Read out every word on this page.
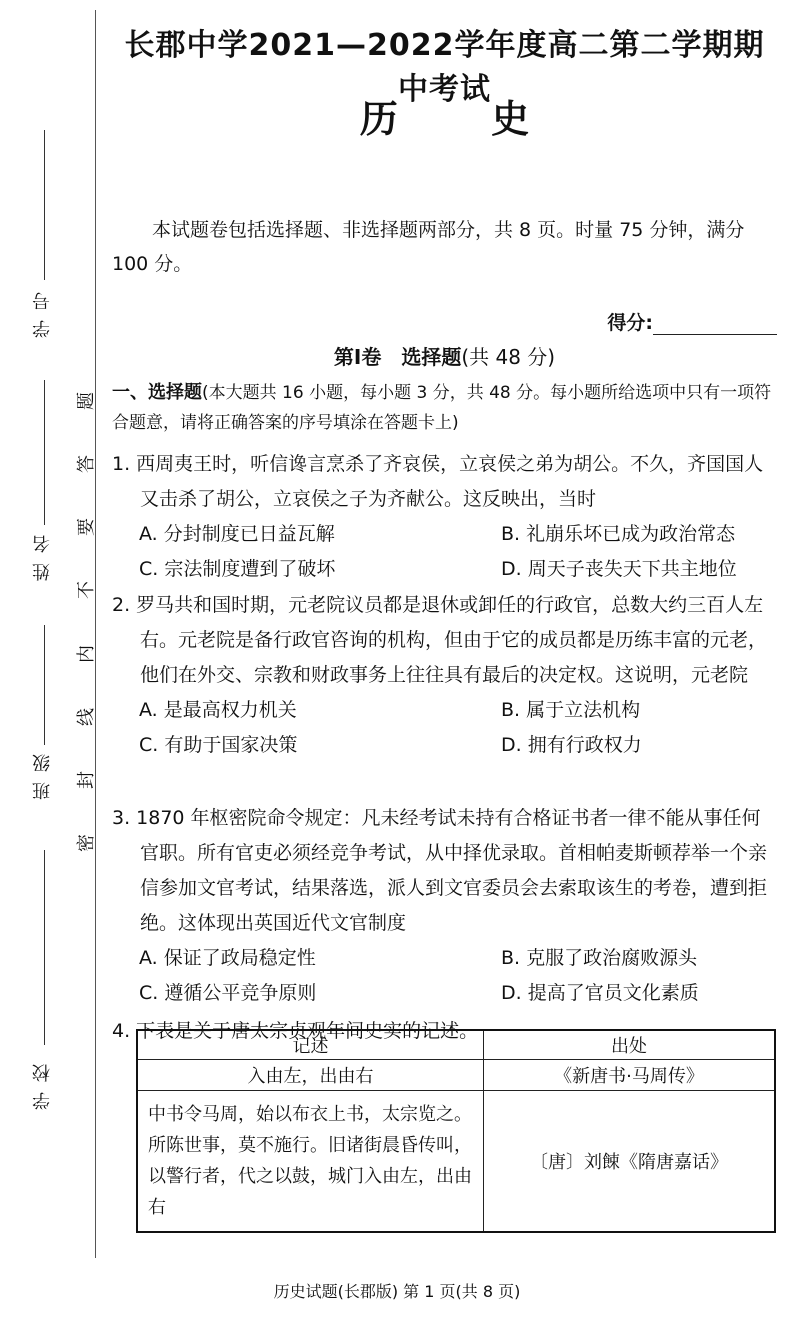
学 号
姓 名
班 级
学 校
密
封
线
内
不
要
答
题
长郡中学2021—2022学年度高二第二学期期中考试
历 史
本试题卷包括选择题、非选择题两部分，共 8 页。时量 75 分钟，满分 100 分。
得分:
第Ⅰ卷　选择题(共 48 分)
一、选择题(本大题共 16 小题，每小题 3 分，共 48 分。每小题所给选项中只有一项符合题意，请将正确答案的序号填涂在答题卡上)
1. 西周夷王时，听信谗言烹杀了齐哀侯，立哀侯之弟为胡公。不久，齐国国人又击杀了胡公，立哀侯之子为齐献公。这反映出，当时
A. 分封制度已日益瓦解	B. 礼崩乐坏已成为政治常态
C. 宗法制度遭到了破坏	D. 周天子丧失天下共主地位
2. 罗马共和国时期，元老院议员都是退休或卸任的行政官，总数大约三百人左右。元老院是备行政官咨询的机构，但由于它的成员都是历练丰富的元老，他们在外交、宗教和财政事务上往往具有最后的决定权。这说明，元老院
A. 是最高权力机关	B. 属于立法机构
C. 有助于国家决策	D. 拥有行政权力
3. 1870 年枢密院命令规定：凡未经考试未持有合格证书者一律不能从事任何官职。所有官吏必须经竞争考试，从中择优录取。首相帕麦斯顿荐举一个亲信参加文官考试，结果落选，派人到文官委员会去索取该生的考卷，遭到拒绝。这体现出英国近代文官制度
A. 保证了政局稳定性	B. 克服了政治腐败源头
C. 遵循公平竞争原则	D. 提高了官员文化素质
4. 下表是关于唐太宗贞观年间史实的记述。
记述	出处
入由左，出由右	《新唐书·马周传》
中书令马周，始以布衣上书，太宗览之。所陈世事，莫不施行。旧诸街晨昏传叫，以警行者，代之以鼓，城门入由左，出由右	〔唐〕刘餗《隋唐嘉话》
历史试题(长郡版) 第 1 页(共 8 页)
